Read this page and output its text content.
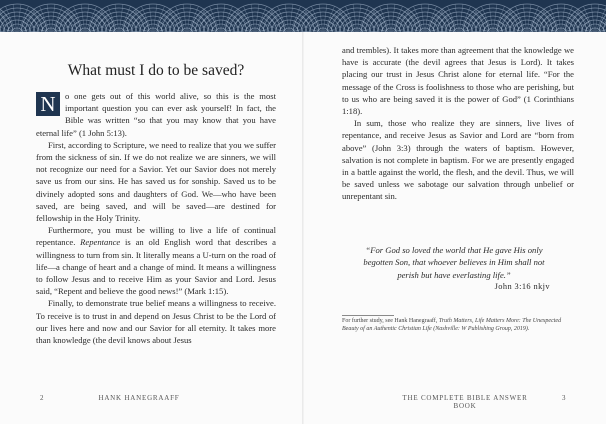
What must I do to be saved?

N	o one gets out of this world alive, so this is the most important question you can ever ask yourself! In fact, the Bible was written “so that you may know that you have eternal life” (1 John 5:13).

First, according to Scripture, we need to realize that you we suffer from the sickness of sin. If we do not realize we are sinners, we will not recognize our need for a Savior. Yet our Savior does not merely save us from our sins. He has saved us for sonship. Saved us to be divinely adopted sons and daughters of God. We—who have been saved, are being saved, and will be saved—are destined for fellowship in the Holy Trinity.

Furthermore, you must be willing to live a life of continual repentance. Repentance is an old English word that describes a willingness to turn from sin. It literally means a U-turn on the road of life—a change of heart and a change of mind. It means a willingness to follow Jesus and to receive Him as your Savior and Lord. Jesus said, “Repent and believe the good news!” (Mark 1:15).

Finally, to demonstrate true belief means a willingness to receive. To receive is to trust in and depend on Jesus Christ to be the Lord of our lives here and now and our Savior for all eternity. It takes more than knowledge (the devil knows about Jesus

2	HANK HANEGRAAFF

and trembles). It takes more than agreement that the knowledge we have is accurate (the devil agrees that Jesus is Lord). It takes placing our trust in Jesus Christ alone for eternal life. “For the message of the Cross is foolishness to those who are perishing, but to us who are being saved it is the power of God” (1 Corinthians 1:18).

In sum, those who realize they are sinners, live lives of repentance, and receive Jesus as Savior and Lord are “born from above” (John 3:3) through the waters of baptism. However, salvation is not complete in baptism. For we are presently engaged in a battle against the world, the flesh, and the devil. Thus, we will be saved unless we sabotage our salvation through unbelief or unrepentant sin.

“For God so loved the world that He gave His only begotten Son, that whoever believes in Him shall not perish but have everlasting life.”
John 3:16 nkjv
For further study, see Hank Hanegraaff, Truth Matters, Life Matters More: The Unexpected Beauty of an Authentic Christian Life (Nashville: W Publishing Group, 2019).
THE COMPLETE BIBLE ANSWER BOOK
3
